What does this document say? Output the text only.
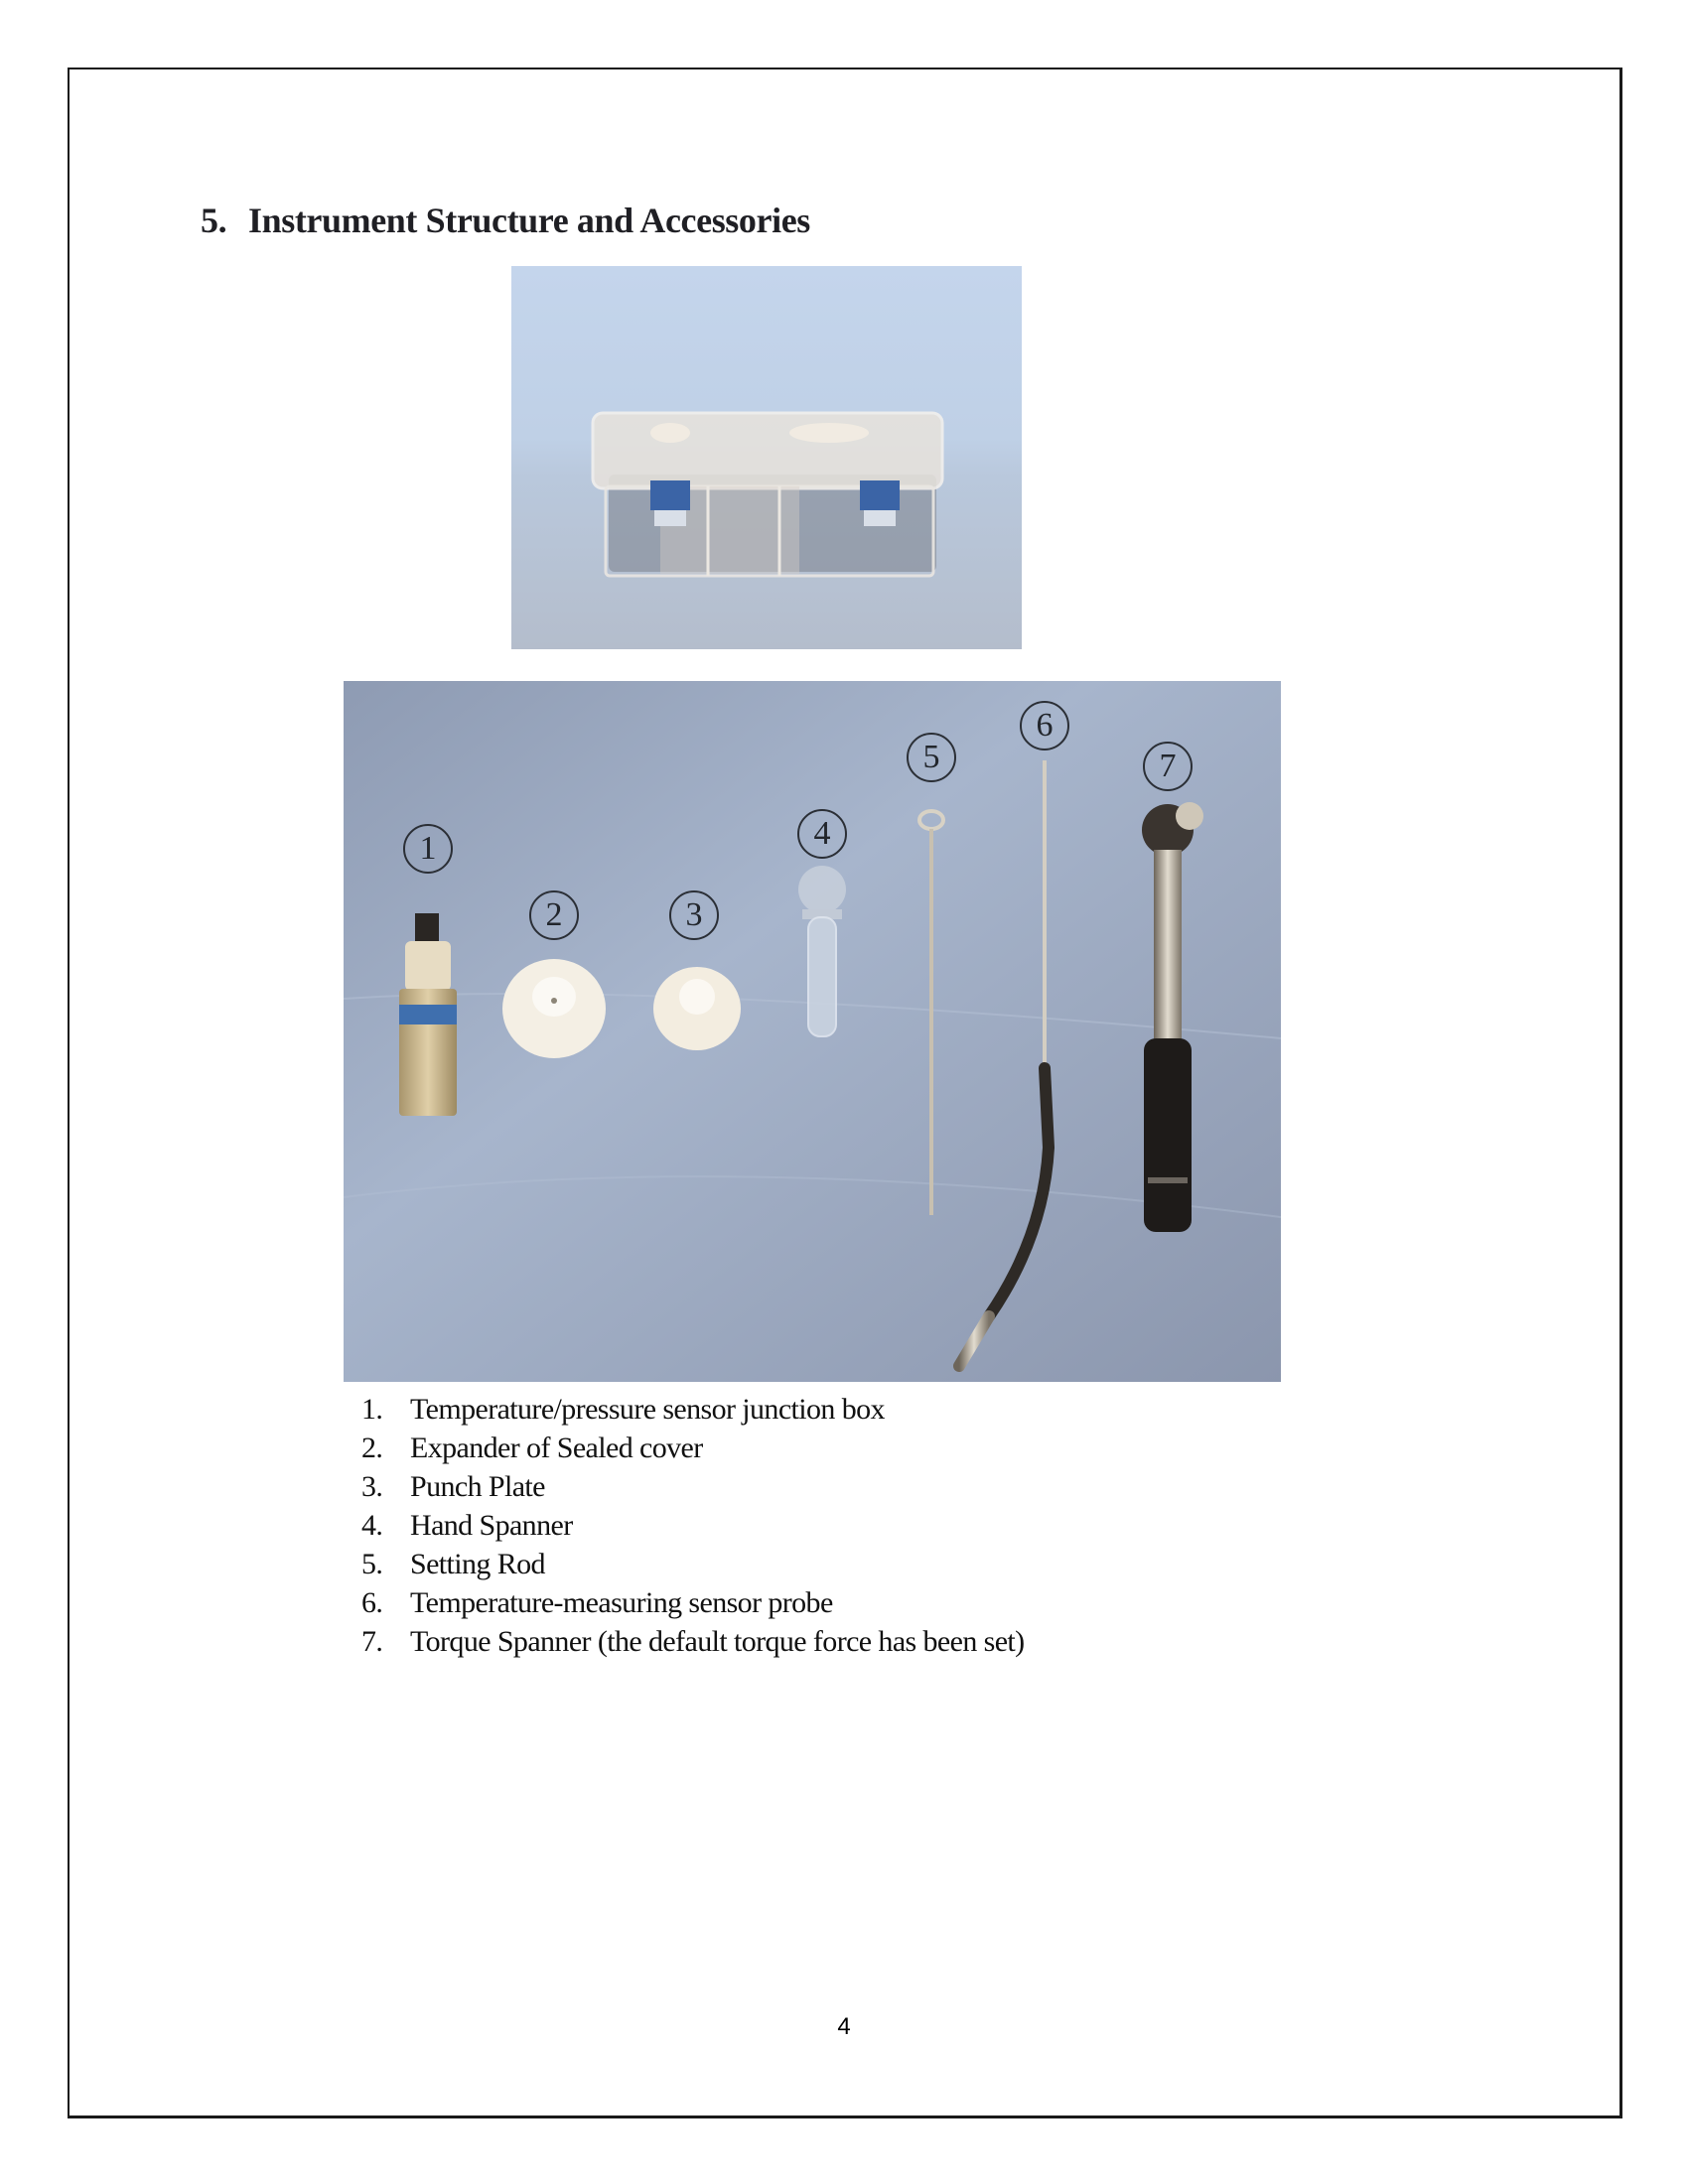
5. Instrument Structure and Accessories
1
2	3
4
5
6
7
1. Temperature/pressure sensor junction box
2. Expander of Sealed cover
3. Punch Plate
4. Hand Spanner
5. Setting Rod
6. Temperature-measuring sensor probe
7. Torque Spanner (the default torque force has been set)
4
